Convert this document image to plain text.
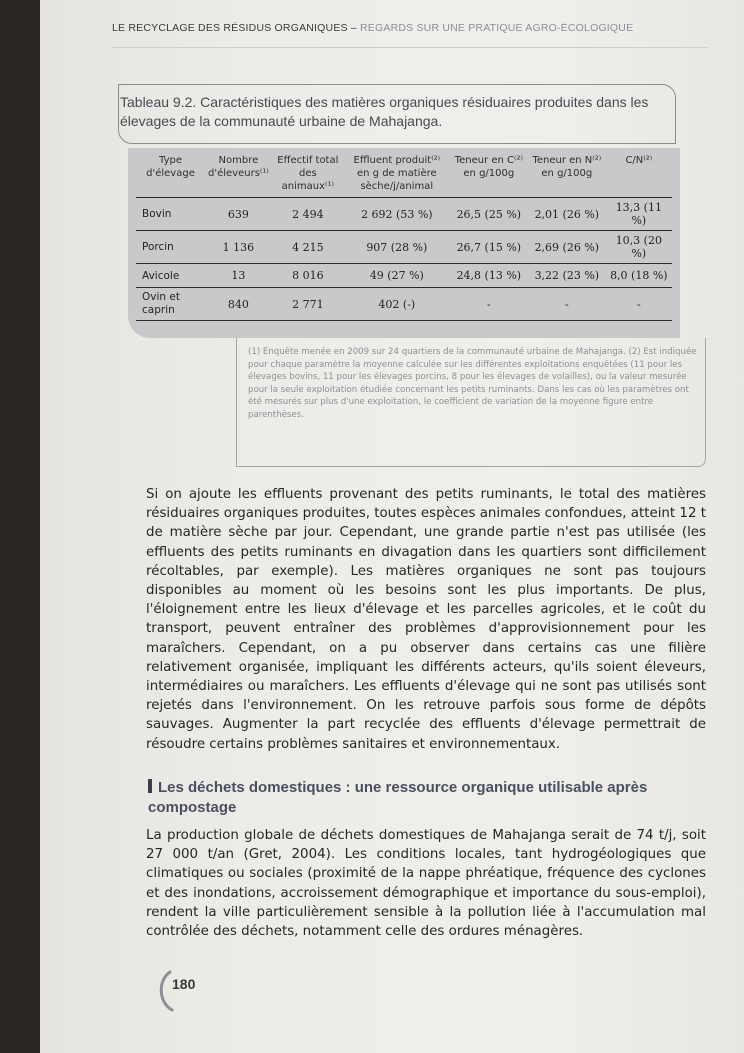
LE RECYCLAGE DES RÉSIDUS ORGANIQUES – REGARDS SUR UNE PRATIQUE AGRO-ÉCOLOGIQUE
Tableau 9.2. Caractéristiques des matières organiques résiduaires produites dans les élevages de la communauté urbaine de Mahajanga.
Type d'élevage	Nombre d'éleveurs⁽¹⁾	Effectif total des animaux⁽¹⁾	Effluent produit⁽²⁾ en g de matière sèche/j/animal	Teneur en C⁽²⁾ en g/100g	Teneur en N⁽²⁾ en g/100g	C/N⁽²⁾
Bovin	639	2 494	2 692 (53 %)	26,5 (25 %)	2,01 (26 %)	13,3 (11 %)
Porcin	1 136	4 215	907 (28 %)	26,7 (15 %)	2,69 (26 %)	10,3 (20 %)
Avicole	13	8 016	49 (27 %)	24,8 (13 %)	3,22 (23 %)	8,0 (18 %)
Ovin et caprin	840	2 771	402 (-)	-	-	-
(1) Enquête menée en 2009 sur 24 quartiers de la communauté urbaine de Mahajanga. (2) Est indiquée pour chaque paramètre la moyenne calculée sur les différentes exploitations enquêtées (11 pour les élevages bovins, 11 pour les élevages porcins, 8 pour les élevages de volailles), ou la valeur mesurée pour la seule exploitation étudiée concernant les petits ruminants. Dans les cas où les paramètres ont été mesurés sur plus d'une exploitation, le coefficient de variation de la moyenne figure entre parenthèses.
Si on ajoute les effluents provenant des petits ruminants, le total des matières résiduaires organiques produites, toutes espèces animales confondues, atteint 12 t de matière sèche par jour. Cependant, une grande partie n'est pas utilisée (les effluents des petits ruminants en divagation dans les quartiers sont difficilement récoltables, par exemple). Les matières organiques ne sont pas toujours disponibles au moment où les besoins sont les plus importants. De plus, l'éloignement entre les lieux d'élevage et les parcelles agricoles, et le coût du transport, peuvent entraîner des problèmes d'approvisionnement pour les maraîchers. Cependant, on a pu observer dans certains cas une filière relativement organisée, impliquant les différents acteurs, qu'ils soient éleveurs, intermédiaires ou maraîchers. Les effluents d'élevage qui ne sont pas utilisés sont rejetés dans l'environnement. On les retrouve parfois sous forme de dépôts sauvages. Augmenter la part recyclée des effluents d'élevage permettrait de résoudre certains problèmes sanitaires et environnementaux.
Les déchets domestiques : une ressource organique utilisable après compostage
La production globale de déchets domestiques de Mahajanga serait de 74 t/j, soit 27 000 t/an (Gret, 2004). Les conditions locales, tant hydrogéologiques que climatiques ou sociales (proximité de la nappe phréatique, fréquence des cyclones et des inondations, accroissement démographique et importance du sous-emploi), rendent la ville particulièrement sensible à la pollution liée à l'accumulation mal contrôlée des déchets, notamment celle des ordures ménagères.
180
